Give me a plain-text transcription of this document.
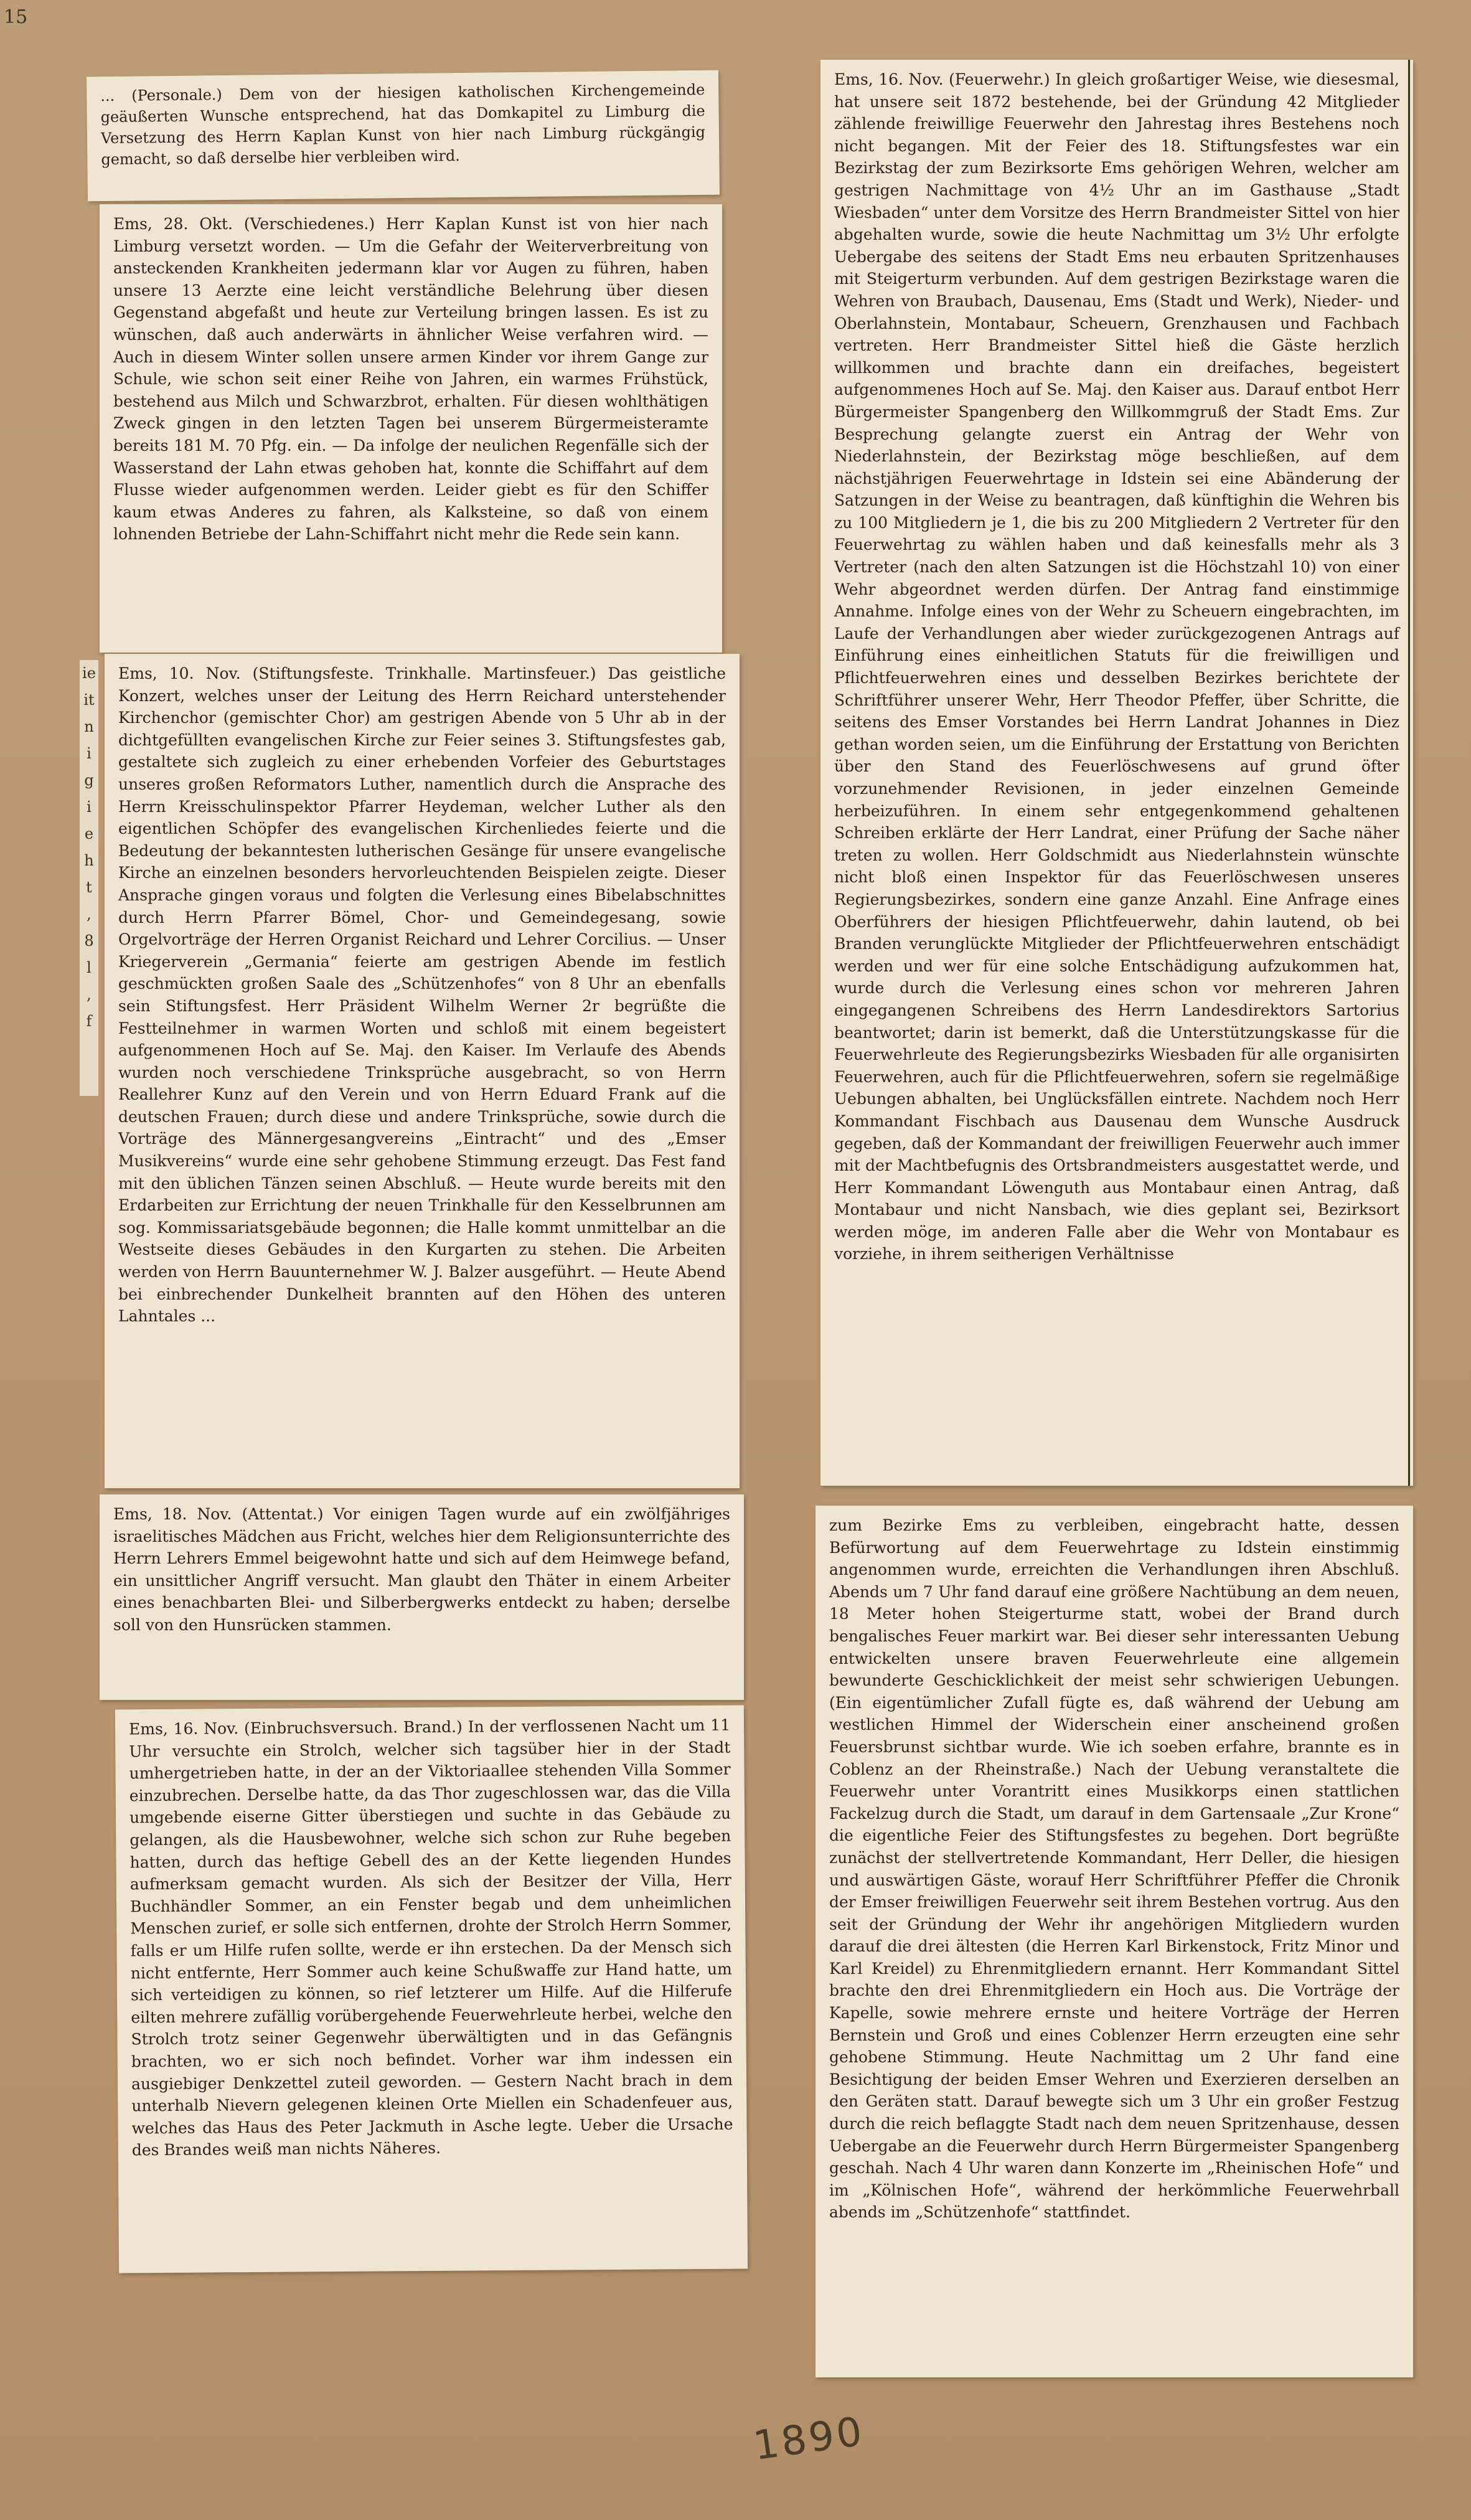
15

... (Personale.) Dem von der hiesigen katholischen Kirchengemeinde geäußerten Wunsche entsprechend, hat das Domkapitel zu Limburg die Versetzung des Herrn Kaplan Kunst von hier nach Limburg rückgängig gemacht, so daß derselbe hier verbleiben wird.

Ems, 28. Okt. (Verschiedenes.) Herr Kaplan Kunst ist von hier nach Limburg versetzt worden. — Um die Gefahr der Weiterverbreitung von ansteckenden Krankheiten jedermann klar vor Augen zu führen, haben unsere 13 Aerzte eine leicht verständliche Belehrung über diesen Gegenstand abgefaßt und heute zur Verteilung bringen lassen. Es ist zu wünschen, daß auch anderwärts in ähnlicher Weise verfahren wird. — Auch in diesem Winter sollen unsere armen Kinder vor ihrem Gange zur Schule, wie schon seit einer Reihe von Jahren, ein warmes Frühstück, bestehend aus Milch und Schwarzbrot, erhalten. Für diesen wohlthätigen Zweck gingen in den letzten Tagen bei unserem Bürgermeisteramte bereits 181 M. 70 Pfg. ein. — Da infolge der neulichen Regenfälle sich der Wasserstand der Lahn etwas gehoben hat, konnte die Schiffahrt auf dem Flusse wieder aufgenommen werden. Leider giebt es für den Schiffer kaum etwas Anderes zu fahren, als Kalksteine, so daß von einem lohnenden Betriebe der Lahn-Schiffahrt nicht mehr die Rede sein kann.

ie
it
n
i
g
i
e
h
t
,
8
l
,
f

Ems, 10. Nov. (Stiftungsfeste. Trinkhalle. Martinsfeuer.) Das geistliche Konzert, welches unser der Leitung des Herrn Reichard unterstehender Kirchenchor (gemischter Chor) am gestrigen Abende von 5 Uhr ab in der dichtgefüllten evangelischen Kirche zur Feier seines 3. Stiftungsfestes gab, gestaltete sich zugleich zu einer erhebenden Vorfeier des Geburtstages unseres großen Reformators Luther, namentlich durch die Ansprache des Herrn Kreisschulinspektor Pfarrer Heydeman, welcher Luther als den eigentlichen Schöpfer des evangelischen Kirchenliedes feierte und die Bedeutung der bekanntesten lutherischen Gesänge für unsere evangelische Kirche an einzelnen besonders hervorleuchtenden Beispielen zeigte. Dieser Ansprache gingen voraus und folgten die Verlesung eines Bibelabschnittes durch Herrn Pfarrer Bömel, Chor- und Gemeindegesang, sowie Orgelvorträge der Herren Organist Reichard und Lehrer Corcilius. — Unser Kriegerverein „Germania“ feierte am gestrigen Abende im festlich geschmückten großen Saale des „Schützenhofes“ von 8 Uhr an ebenfalls sein Stiftungsfest. Herr Präsident Wilhelm Werner 2r begrüßte die Festteilnehmer in warmen Worten und schloß mit einem begeistert aufgenommenen Hoch auf Se. Maj. den Kaiser. Im Verlaufe des Abends wurden noch verschiedene Trinksprüche ausgebracht, so von Herrn Reallehrer Kunz auf den Verein und von Herrn Eduard Frank auf die deutschen Frauen; durch diese und andere Trinksprüche, sowie durch die Vorträge des Männergesangvereins „Eintracht“ und des „Emser Musikvereins“ wurde eine sehr gehobene Stimmung erzeugt. Das Fest fand mit den üblichen Tänzen seinen Abschluß. — Heute wurde bereits mit den Erdarbeiten zur Errichtung der neuen Trinkhalle für den Kesselbrunnen am sog. Kommissariatsgebäude begonnen; die Halle kommt unmittelbar an die Westseite dieses Gebäudes in den Kurgarten zu stehen. Die Arbeiten werden von Herrn Bauunternehmer W. J. Balzer ausgeführt. — Heute Abend bei einbrechender Dunkelheit brannten auf den Höhen des unteren Lahntales ...

Ems, 18. Nov. (Attentat.) Vor einigen Tagen wurde auf ein zwölfjähriges israelitisches Mädchen aus Fricht, welches hier dem Religionsunterrichte des Herrn Lehrers Emmel beigewohnt hatte und sich auf dem Heimwege befand, ein unsittlicher Angriff versucht. Man glaubt den Thäter in einem Arbeiter eines benachbarten Blei- und Silberbergwerks entdeckt zu haben; derselbe soll von den Hunsrücken stammen.

Ems, 16. Nov. (Einbruchsversuch. Brand.) In der verflossenen Nacht um 11 Uhr versuchte ein Strolch, welcher sich tagsüber hier in der Stadt umhergetrieben hatte, in der an der Viktoriaallee stehenden Villa Sommer einzubrechen. Derselbe hatte, da das Thor zugeschlossen war, das die Villa umgebende eiserne Gitter überstiegen und suchte in das Gebäude zu gelangen, als die Hausbewohner, welche sich schon zur Ruhe begeben hatten, durch das heftige Gebell des an der Kette liegenden Hundes aufmerksam gemacht wurden. Als sich der Besitzer der Villa, Herr Buchhändler Sommer, an ein Fenster begab und dem unheimlichen Menschen zurief, er solle sich entfernen, drohte der Strolch Herrn Sommer, falls er um Hilfe rufen sollte, werde er ihn erstechen. Da der Mensch sich nicht entfernte, Herr Sommer auch keine Schußwaffe zur Hand hatte, um sich verteidigen zu können, so rief letzterer um Hilfe. Auf die Hilferufe eilten mehrere zufällig vorübergehende Feuerwehrleute herbei, welche den Strolch trotz seiner Gegenwehr überwältigten und in das Gefängnis brachten, wo er sich noch befindet. Vorher war ihm indessen ein ausgiebiger Denkzettel zuteil geworden. — Gestern Nacht brach in dem unterhalb Nievern gelegenen kleinen Orte Miellen ein Schadenfeuer aus, welches das Haus des Peter Jackmuth in Asche legte. Ueber die Ursache des Brandes weiß man nichts Näheres.

Ems, 16. Nov. (Feuerwehr.) In gleich großartiger Weise, wie diesesmal, hat unsere seit 1872 bestehende, bei der Gründung 42 Mitglieder zählende freiwillige Feuerwehr den Jahrestag ihres Bestehens noch nicht begangen. Mit der Feier des 18. Stiftungsfestes war ein Bezirkstag der zum Bezirksorte Ems gehörigen Wehren, welcher am gestrigen Nachmittage von 4½ Uhr an im Gasthause „Stadt Wiesbaden“ unter dem Vorsitze des Herrn Brandmeister Sittel von hier abgehalten wurde, sowie die heute Nachmittag um 3½ Uhr erfolgte Uebergabe des seitens der Stadt Ems neu erbauten Spritzenhauses mit Steigerturm verbunden. Auf dem gestrigen Bezirkstage waren die Wehren von Braubach, Dausenau, Ems (Stadt und Werk), Nieder- und Oberlahnstein, Montabaur, Scheuern, Grenzhausen und Fachbach vertreten. Herr Brandmeister Sittel hieß die Gäste herzlich willkommen und brachte dann ein dreifaches, begeistert aufgenommenes Hoch auf Se. Maj. den Kaiser aus. Darauf entbot Herr Bürgermeister Spangenberg den Willkommgruß der Stadt Ems. Zur Besprechung gelangte zuerst ein Antrag der Wehr von Niederlahnstein, der Bezirkstag möge beschließen, auf dem nächstjährigen Feuerwehrtage in Idstein sei eine Abänderung der Satzungen in der Weise zu beantragen, daß künftighin die Wehren bis zu 100 Mitgliedern je 1, die bis zu 200 Mitgliedern 2 Vertreter für den Feuerwehrtag zu wählen haben und daß keinesfalls mehr als 3 Vertreter (nach den alten Satzungen ist die Höchstzahl 10) von einer Wehr abgeordnet werden dürfen. Der Antrag fand einstimmige Annahme. Infolge eines von der Wehr zu Scheuern eingebrachten, im Laufe der Verhandlungen aber wieder zurückgezogenen Antrags auf Einführung eines einheitlichen Statuts für die freiwilligen und Pflichtfeuerwehren eines und desselben Bezirkes berichtete der Schriftführer unserer Wehr, Herr Theodor Pfeffer, über Schritte, die seitens des Emser Vorstandes bei Herrn Landrat Johannes in Diez gethan worden seien, um die Einführung der Erstattung von Berichten über den Stand des Feuerlöschwesens auf grund öfter vorzunehmender Revisionen, in jeder einzelnen Gemeinde herbeizuführen. In einem sehr entgegenkommend gehaltenen Schreiben erklärte der Herr Landrat, einer Prüfung der Sache näher treten zu wollen. Herr Goldschmidt aus Niederlahnstein wünschte nicht bloß einen Inspektor für das Feuerlöschwesen unseres Regierungsbezirkes, sondern eine ganze Anzahl. Eine Anfrage eines Oberführers der hiesigen Pflichtfeuerwehr, dahin lautend, ob bei Branden verunglückte Mitglieder der Pflichtfeuerwehren entschädigt werden und wer für eine solche Entschädigung aufzukommen hat, wurde durch die Verlesung eines schon vor mehreren Jahren eingegangenen Schreibens des Herrn Landesdirektors Sartorius beantwortet; darin ist bemerkt, daß die Unterstützungskasse für die Feuerwehrleute des Regierungsbezirks Wiesbaden für alle organisirten Feuerwehren, auch für die Pflichtfeuerwehren, sofern sie regelmäßige Uebungen abhalten, bei Unglücksfällen eintrete. Nachdem noch Herr Kommandant Fischbach aus Dausenau dem Wunsche Ausdruck gegeben, daß der Kommandant der freiwilligen Feuerwehr auch immer mit der Machtbefugnis des Ortsbrandmeisters ausgestattet werde, und Herr Kommandant Löwenguth aus Montabaur einen Antrag, daß Montabaur und nicht Nansbach, wie dies geplant sei, Bezirksort werden möge, im anderen Falle aber die Wehr von Montabaur es vorziehe, in ihrem seitherigen Verhältnisse

zum Bezirke Ems zu verbleiben, eingebracht hatte, dessen Befürwortung auf dem Feuerwehrtage zu Idstein einstimmig angenommen wurde, erreichten die Verhandlungen ihren Abschluß. Abends um 7 Uhr fand darauf eine größere Nachtübung an dem neuen, 18 Meter hohen Steigerturme statt, wobei der Brand durch bengalisches Feuer markirt war. Bei dieser sehr interessanten Uebung entwickelten unsere braven Feuerwehrleute eine allgemein bewunderte Geschicklichkeit der meist sehr schwierigen Uebungen. (Ein eigentümlicher Zufall fügte es, daß während der Uebung am westlichen Himmel der Widerschein einer anscheinend großen Feuersbrunst sichtbar wurde. Wie ich soeben erfahre, brannte es in Coblenz an der Rheinstraße.) Nach der Uebung veranstaltete die Feuerwehr unter Vorantritt eines Musikkorps einen stattlichen Fackelzug durch die Stadt, um darauf in dem Gartensaale „Zur Krone“ die eigentliche Feier des Stiftungsfestes zu begehen. Dort begrüßte zunächst der stellvertretende Kommandant, Herr Deller, die hiesigen und auswärtigen Gäste, worauf Herr Schriftführer Pfeffer die Chronik der Emser freiwilligen Feuerwehr seit ihrem Bestehen vortrug. Aus den seit der Gründung der Wehr ihr angehörigen Mitgliedern wurden darauf die drei ältesten (die Herren Karl Birkenstock, Fritz Minor und Karl Kreidel) zu Ehrenmitgliedern ernannt. Herr Kommandant Sittel brachte den drei Ehrenmitgliedern ein Hoch aus. Die Vorträge der Kapelle, sowie mehrere ernste und heitere Vorträge der Herren Bernstein und Groß und eines Coblenzer Herrn erzeugten eine sehr gehobene Stimmung. Heute Nachmittag um 2 Uhr fand eine Besichtigung der beiden Emser Wehren und Exerzieren derselben an den Geräten statt. Darauf bewegte sich um 3 Uhr ein großer Festzug durch die reich beflaggte Stadt nach dem neuen Spritzenhause, dessen Uebergabe an die Feuerwehr durch Herrn Bürgermeister Spangenberg geschah. Nach 4 Uhr waren dann Konzerte im „Rheinischen Hofe“ und im „Kölnischen Hofe“, während der herkömmliche Feuerwehrball abends im „Schützenhofe“ stattfindet.

1890
